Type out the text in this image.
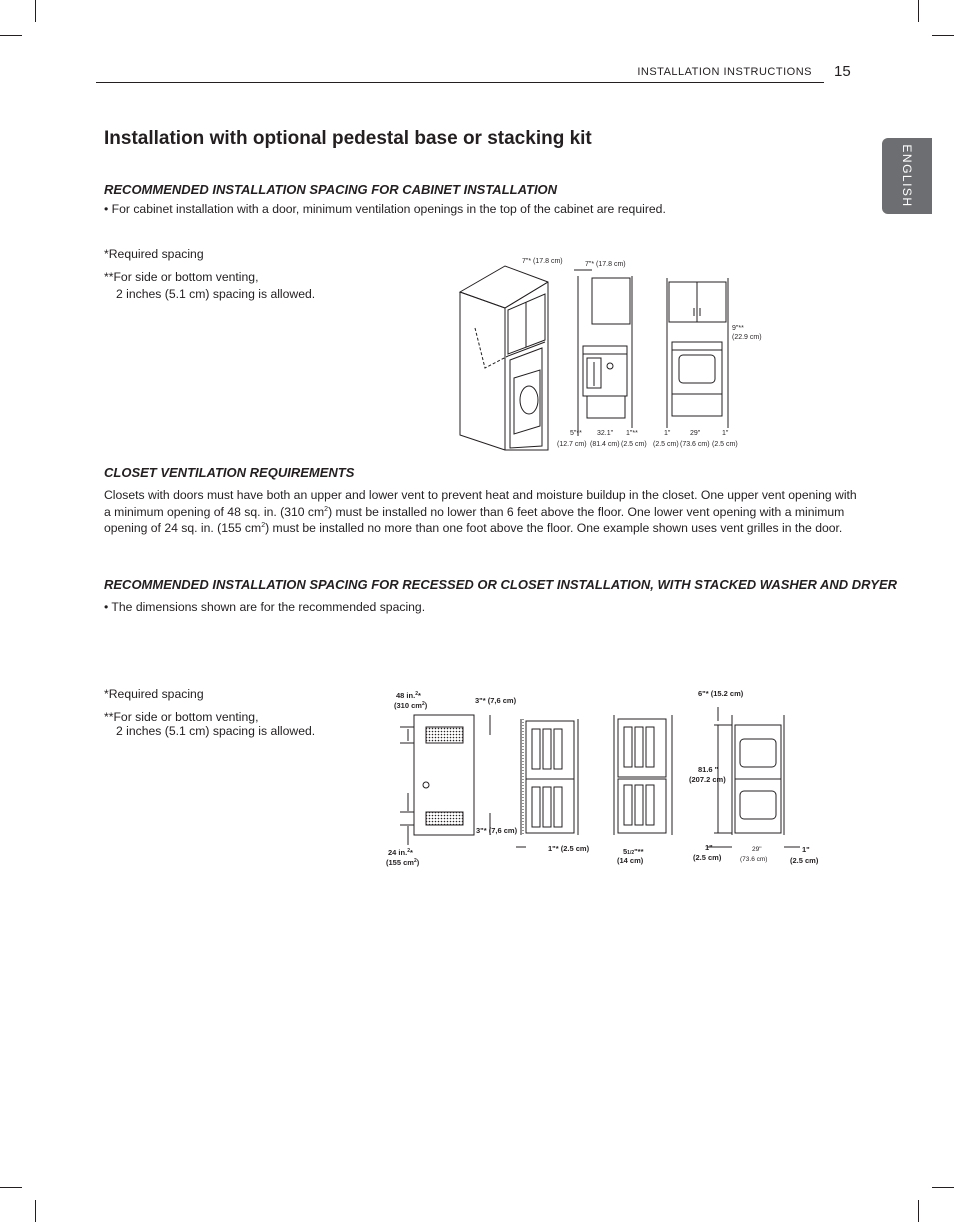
INSTALLATION INSTRUCTIONS 15
ENGLISH
Installation with optional pedestal base or stacking kit
RECOMMENDED INSTALLATION SPACING FOR CABINET INSTALLATION

• For cabinet installation with a door, minimum ventilation openings in the top of the cabinet are required.

*Required spacing
**For side or bottom venting,
2 inches (5.1 cm) spacing is allowed.
7"* (17.8 cm)	7"* (17.8 cm)
9"**
(22.9 cm)
5"**
(12.7 cm)
32.1"
(81.4 cm)
1"**
(2.5 cm)
1"
(2.5 cm)
29"
(73.6 cm)
1"
(2.5 cm)
CLOSET VENTILATION REQUIREMENTS

Closets with doors must have both an upper and lower vent to prevent heat and moisture buildup in the closet. One upper vent opening with a minimum opening of 48 sq. in. (310 $cm^2$) must be installed no lower than 6 feet above the floor. One lower vent opening with a minimum opening of 24 sq. in. (155 $cm^2$) must be installed no more than one foot above the floor. One example shown uses vent grilles in the door.

RECOMMENDED INSTALLATION SPACING FOR RECESSED OR CLOSET INSTALLATION, WITH STACKED WASHER AND DRYER

• The dimensions shown are for the recommended spacing.

*Required spacing
**For side or bottom venting,
2 inches (5.1 cm) spacing is allowed.
48 in.$^2$*
(310 $cm^2$)
24 in.$^2$*
(155 $cm^2$)
3"* (7,6 cm)
3"* (7,6 cm)
1"* (2.5 cm)	51/2"**
(14 cm)
6"* (15.2 cm)
81.6 "
(207.2 cm)
1"
(2.5 cm)
29"
(73.6 cm)
1"
(2.5 cm)
